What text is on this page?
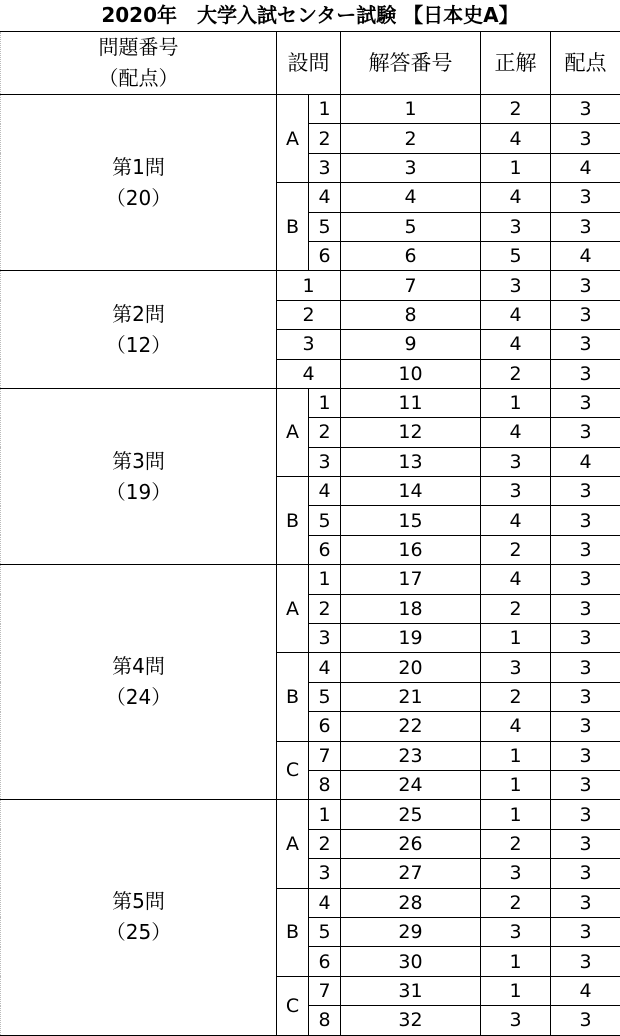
2020年　大学入試センター試験 【日本史A】
問題番号
（配点）	設問		解答番号	正解	配点
第1問
（20）	A	1	1	2	3
		2	2	4	3
		3	3	1	4
	B	4	4	4	3
		5	5	3	3
		6	6	5	4
第2問
（12）	1		7	3	3
	2		8	4	3
	3		9	4	3
	4		10	2	3
第3問
（19）	A	1	11	1	3
		2	12	4	3
		3	13	3	4
	B	4	14	3	3
		5	15	4	3
		6	16	2	3
第4問
（24）	A	1	17	4	3
		2	18	2	3
		3	19	1	3
	B	4	20	3	3
		5	21	2	3
		6	22	4	3
	C	7	23	1	3
		8	24	1	3
第5問
（25）	A	1	25	1	3
		2	26	2	3
		3	27	3	3
	B	4	28	2	3
		5	29	3	3
		6	30	1	3
	C	7	31	1	4
		8	32	3	3
